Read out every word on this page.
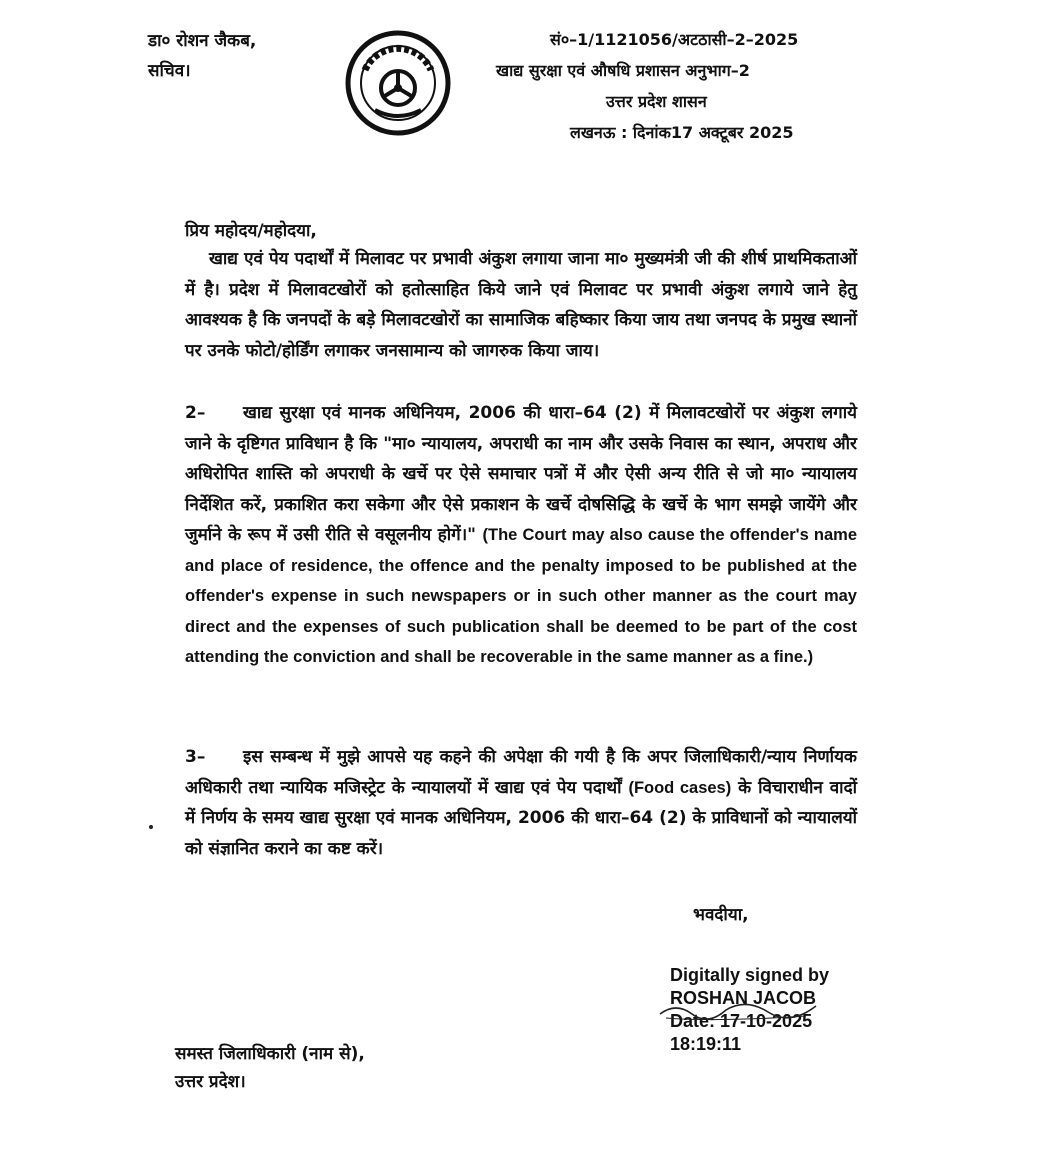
डा० रोशन जैकब,
सचिव।
सं०–1/1121056/अटठासी–2–2025
खाद्य सुरक्षा एवं औषधि प्रशासन अनुभाग–2
उत्तर प्रदेश शासन
लखनऊ : दिनांक17 अक्टूबर 2025
प्रिय महोदय/महोदया,
खाद्य एवं पेय पदार्थों में मिलावट पर प्रभावी अंकुश लगाया जाना मा० मुख्यमंत्री जी की शीर्ष प्राथमिकताओं में है। प्रदेश में मिलावटखोरों को हतोत्साहित किये जाने एवं मिलावट पर प्रभावी अंकुश लगाये जाने हेतु आवश्यक है कि जनपदों के बड़े मिलावटखोरों का सामाजिक बहिष्कार किया जाय तथा जनपद के प्रमुख स्थानों पर उनके फोटो/होर्डिंग लगाकर जनसामान्य को जागरुक किया जाय।
2– खाद्य सुरक्षा एवं मानक अधिनियम, 2006 की धारा–64 (2) में मिलावटखोरों पर अंकुश लगाये जाने के दृष्टिगत प्राविधान है कि "मा० न्यायालय, अपराधी का नाम और उसके निवास का स्थान, अपराध और अधिरोपित शास्ति को अपराधी के खर्चे पर ऐसे समाचार पत्रों में और ऐसी अन्य रीति से जो मा० न्यायालय निर्देशित करें, प्रकाशित करा सकेगा और ऐसे प्रकाशन के खर्चे दोषसिद्धि के खर्चे के भाग समझे जायेंगे और जुर्माने के रूप में उसी रीति से वसूलनीय होगें।" (The Court may also cause the offender's name and place of residence, the offence and the penalty imposed to be published at the offender's expense in such newspapers or in such other manner as the court may direct and the expenses of such publication shall be deemed to be part of the cost attending the conviction and shall be recoverable in the same manner as a fine.)
3– इस सम्बन्ध में मुझे आपसे यह कहने की अपेक्षा की गयी है कि अपर जिलाधिकारी/न्याय निर्णायक अधिकारी तथा न्यायिक मजिस्ट्रेट के न्यायालयों में खाद्य एवं पेय पदार्थों (Food cases) के विचाराधीन वादों में निर्णय के समय खाद्य सुरक्षा एवं मानक अधिनियम, 2006 की धारा–64 (2) के प्राविधानों को न्यायालयों को संज्ञानित कराने का कष्ट करें।
भवदीया,
Digitally signed by
ROSHAN JACOB
Date: 17-10-2025
18:19:11
समस्त जिलाधिकारी (नाम से),
उत्तर प्रदेश।
